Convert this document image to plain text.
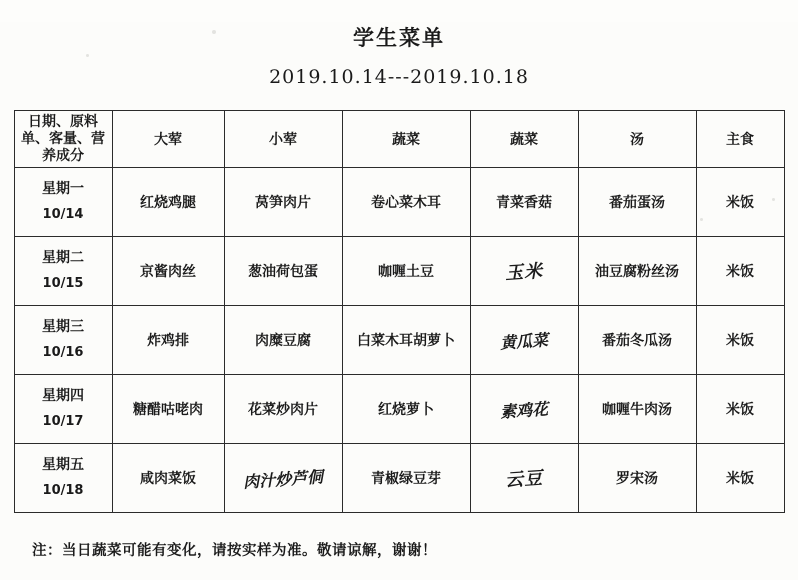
学生菜单
2019.10.14---2019.10.18
日期、原料单、客量、营养成分	大荤	小荤	蔬菜	蔬菜	汤	主食

星期一
10/14	红烧鸡腿	莴笋肉片	卷心菜木耳	青菜香菇	番茄蛋汤	米饭

星期二
10/15	京酱肉丝	葱油荷包蛋	咖喱土豆	玉米	油豆腐粉丝汤	米饭

星期三
10/16	炸鸡排	肉糜豆腐	白菜木耳胡萝卜	黄瓜菜	番茄冬瓜汤	米饭

星期四
10/17	糖醋咕咾肉	花菜炒肉片	红烧萝卜	素鸡花	咖喱牛肉汤	米饭

星期五
10/18	咸肉菜饭	肉汁炒芦侗	青椒绿豆芽	云豆	罗宋汤	米饭
注：当日蔬菜可能有变化，请按实样为准。敬请谅解，谢谢！
